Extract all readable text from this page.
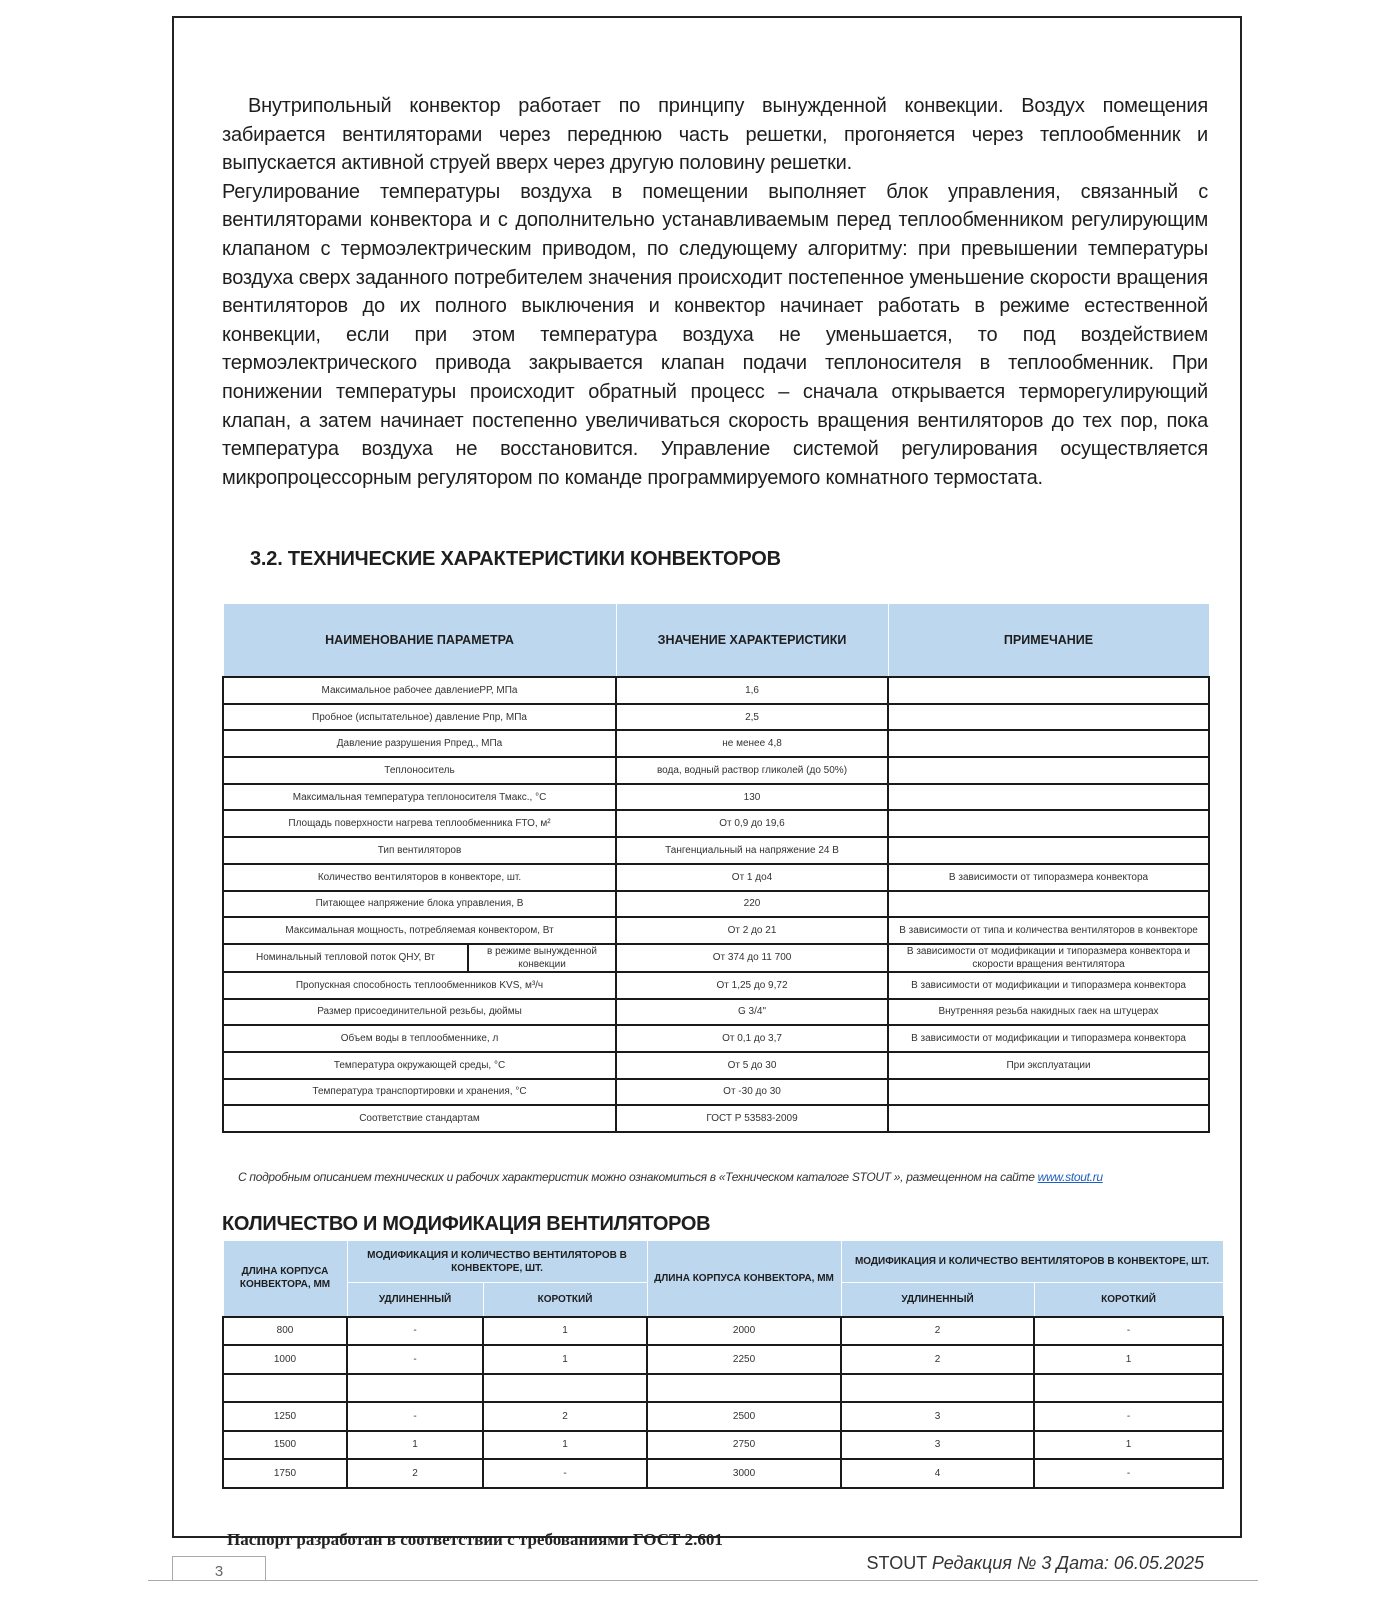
Внутрипольный конвектор работает по принципу вынужденной конвекции. Воздух помещения забирается вентиляторами через переднюю часть решетки, прогоняется через теплообменник и выпускается активной струей вверх через другую половину решетки.

Регулирование температуры воздуха в помещении выполняет блок управления, связанный с вентиляторами конвектора и с дополнительно устанавливаемым перед теплообменником регулирующим клапаном с термоэлектрическим приводом, по следующему алгоритму: при превышении температуры воздуха сверх заданного потребителем значения происходит постепенное уменьшение скорости вращения вентиляторов до их полного выключения и конвектор начинает работать в режиме естественной конвекции, если при этом температура воздуха не уменьшается, то под воздействием термоэлектрического привода закрывается клапан подачи теплоносителя в теплообменник. При понижении температуры происходит обратный процесс – сначала открывается терморегулирующий клапан, а затем начинает постепенно увеличиваться скорость вращения вентиляторов до тех пор, пока температура воздуха не восстановится. Управление системой регулирования осуществляется микропроцессорным регулятором по команде программируемого комнатного термостата.

3.2. ТЕХНИЧЕСКИЕ ХАРАКТЕРИСТИКИ КОНВЕКТОРОВ
НАИМЕНОВАНИЕ ПАРАМЕТРА		ЗНАЧЕНИЕ ХАРАКТЕРИСТИКИ	ПРИМЕЧАНИЕ
Максимальное рабочее давлениеPР, МПа		1,6	
Пробное (испытательное) давление Рпр, МПа		2,5	
Давление разрушения Рпред., МПа		не менее 4,8	
Теплоноситель		вода, водный раствор гликолей (до 50%)	
Максимальная температура теплоносителя Тмакс., °С		130	
Площадь поверхности нагрева теплообменника FТО, м²		От 0,9 до 19,6	
Тип вентиляторов		Тангенциальный на напряжение 24 В	
Количество вентиляторов в конвекторе, шт.		От 1 до4	В зависимости от типоразмера конвектора
Питающее напряжение блока управления, В		220	
Максимальная мощность, потребляемая конвектором, Вт		От 2 до 21	В зависимости от типа и количества вентиляторов в конвекторе
Номинальный тепловой поток QНУ, Вт	в режиме вынужденной конвекции	От 374 до 11 700	В зависимости от модификации и типоразмера конвектора и скорости вращения вентилятора
Пропускная способность теплообменников KVS, м³/ч		От 1,25 до 9,72	В зависимости от модификации и типоразмера конвектора
Размер присоединительной резьбы, дюймы		G 3/4"	Внутренняя резьба накидных гаек на штуцерах
Объем воды в теплообменнике, л		От 0,1 до 3,7	В зависимости от модификации и типоразмера конвектора
Температура окружающей среды, °С		От 5 до 30	При эксплуатации
Температура транспортировки и хранения, °С		От -30 до 30	
Соответствие стандартам		ГОСТ Р 53583-2009	
С подробным описанием технических и рабочих характеристик можно ознакомиться в «Техническом каталоге STOUT », размещенном на сайте www.stout.ru
КОЛИЧЕСТВО И МОДИФИКАЦИЯ ВЕНТИЛЯТОРОВ
ДЛИНА КОРПУСА КОНВЕКТОРА, ММ	МОДИФИКАЦИЯ И КОЛИЧЕСТВО ВЕНТИЛЯТОРОВ В КОНВЕКТОРЕ, ШТ.		ДЛИНА КОРПУСА КОНВЕКТОРА, ММ	МОДИФИКАЦИЯ И КОЛИЧЕСТВО ВЕНТИЛЯТОРОВ В КОНВЕКТОРЕ, ШТ.	
	УДЛИНЕННЫЙ	КОРОТКИЙ		УДЛИНЕННЫЙ	КОРОТКИЙ
800	-	1	2000	2	-
1000	-	1	2250	2	1

1250	-	2	2500	3	-
1500	1	1	2750	3	1
1750	2	-	3000	4	-
Паспорт разработан в соответствии с требованиями ГОСТ 2.601
STOUT Редакция № 3 Дата: 06.05.2025
3
